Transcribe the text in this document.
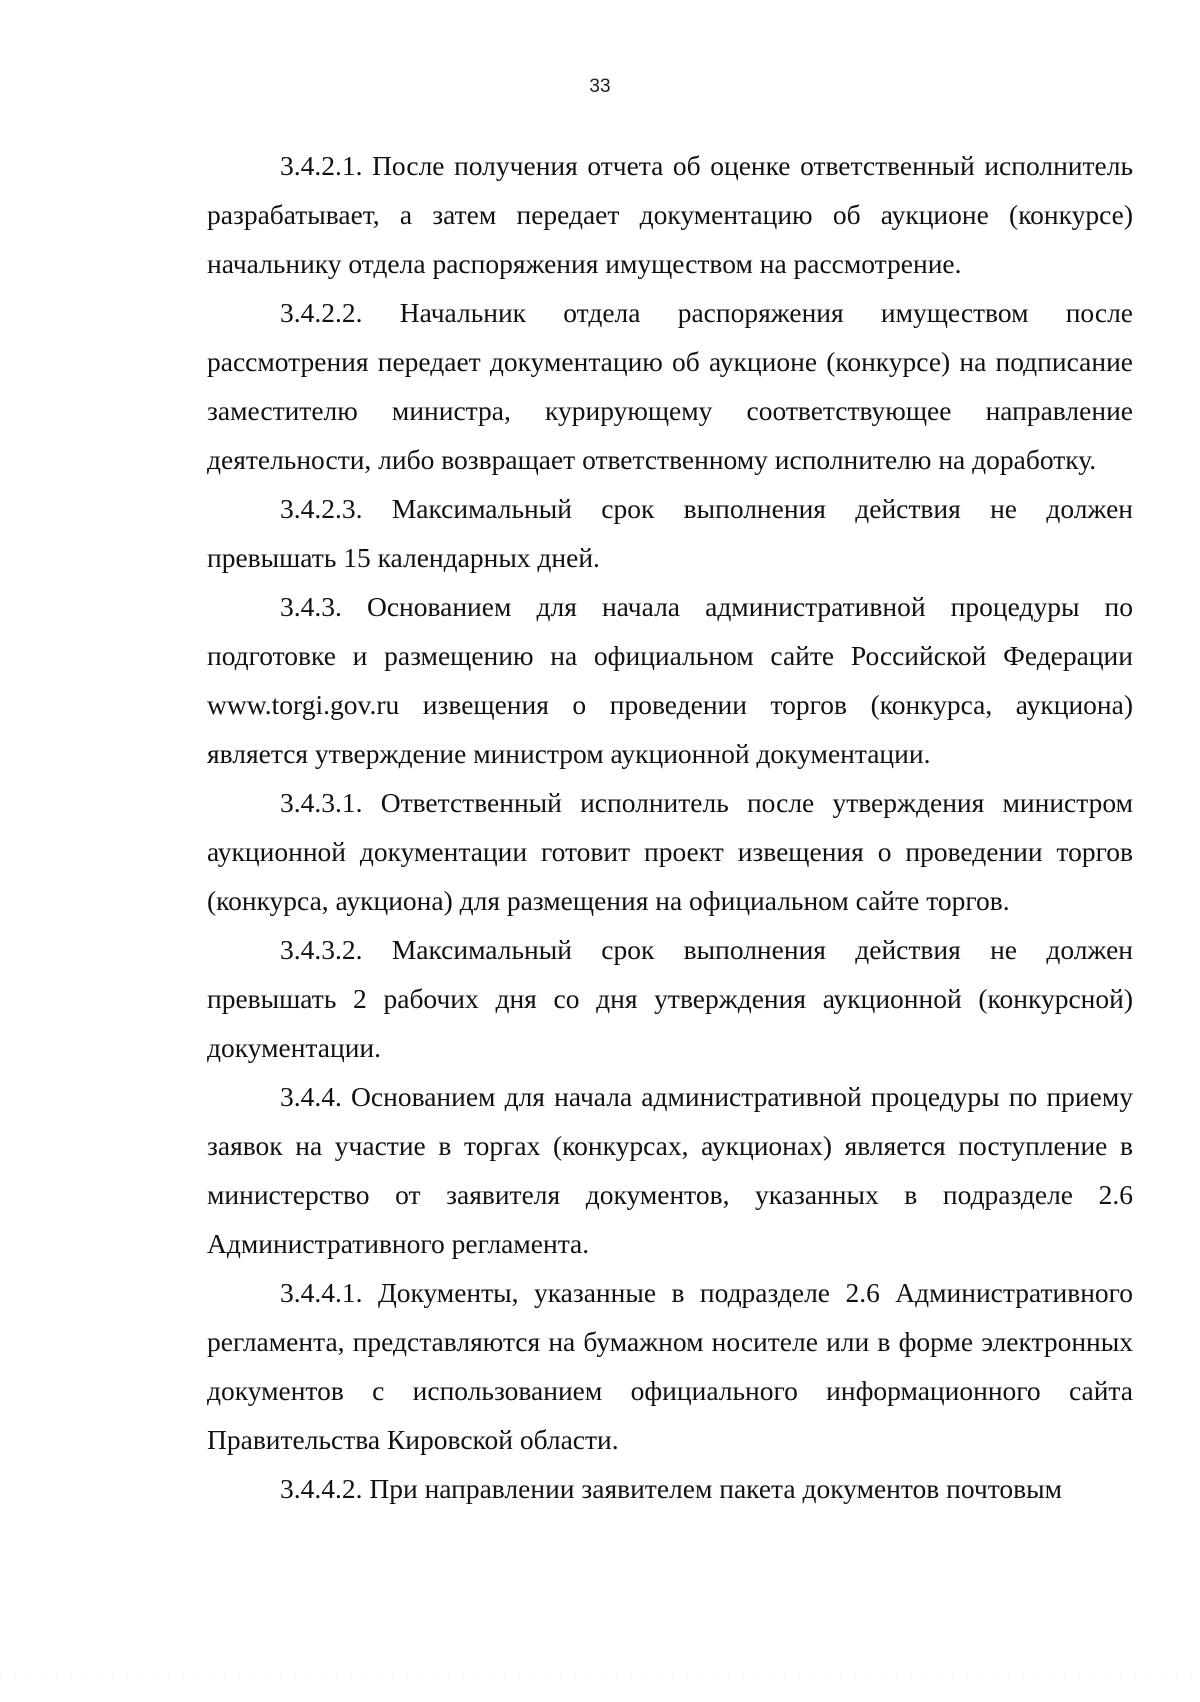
33

3.4.2.1. После получения отчета об оценке ответственный исполнитель разрабатывает, а затем передает документацию об аукционе (конкурсе) начальнику отдела распоряжения имуществом на рассмотрение.

3.4.2.2. Начальник отдела распоряжения имуществом после рассмотрения передает документацию об аукционе (конкурсе) на подписание заместителю министра, курирующему соответствующее направление деятельности, либо возвращает ответственному исполнителю на доработку.

3.4.2.3. Максимальный срок выполнения действия не должен превышать 15 календарных дней.

3.4.3. Основанием для начала административной процедуры по подготовке и размещению на официальном сайте Российской Федерации www.torgi.gov.ru извещения о проведении торгов (конкурса, аукциона) является утверждение министром аукционной документации.

3.4.3.1. Ответственный исполнитель после утверждения министром аукционной документации готовит проект извещения о проведении торгов (конкурса, аукциона) для размещения на официальном сайте торгов.

3.4.3.2. Максимальный срок выполнения действия не должен превышать 2 рабочих дня со дня утверждения аукционной (конкурсной) документации.

3.4.4. Основанием для начала административной процедуры по приему заявок на участие в торгах (конкурсах, аукционах) является поступление в министерство от заявителя документов, указанных в подразделе 2.6 Административного регламента.

3.4.4.1. Документы, указанные в подразделе 2.6 Административного регламента, представляются на бумажном носителе или в форме электронных документов с использованием официального информационного сайта Правительства Кировской области.

3.4.4.2. При направлении заявителем пакета документов почтовым
